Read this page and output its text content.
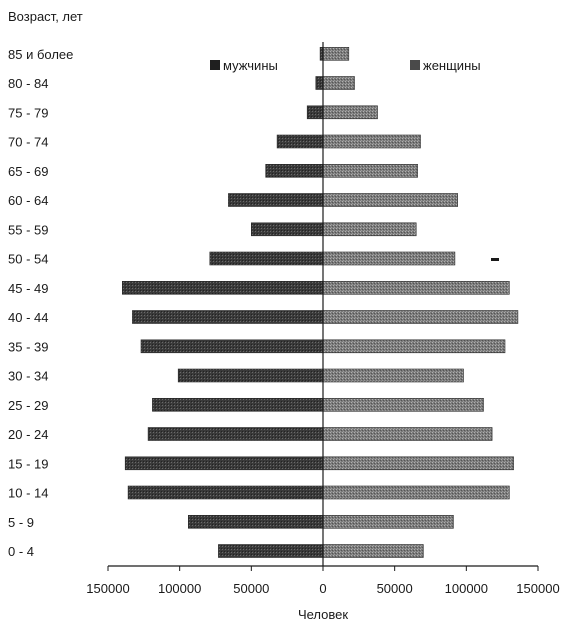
Возраст, лет
Человек
мужчины	женщины
0 - 4
5 - 9
10 - 14
15 - 19
20 - 24
25 - 29
30 - 34
35 - 39
40 - 44
45 - 49
50 - 54
55 - 59
60 - 64
65 - 69
70 - 74
75 - 79
80 - 84
85 и более
150000 100000 50000	0	50000 100000 150000
